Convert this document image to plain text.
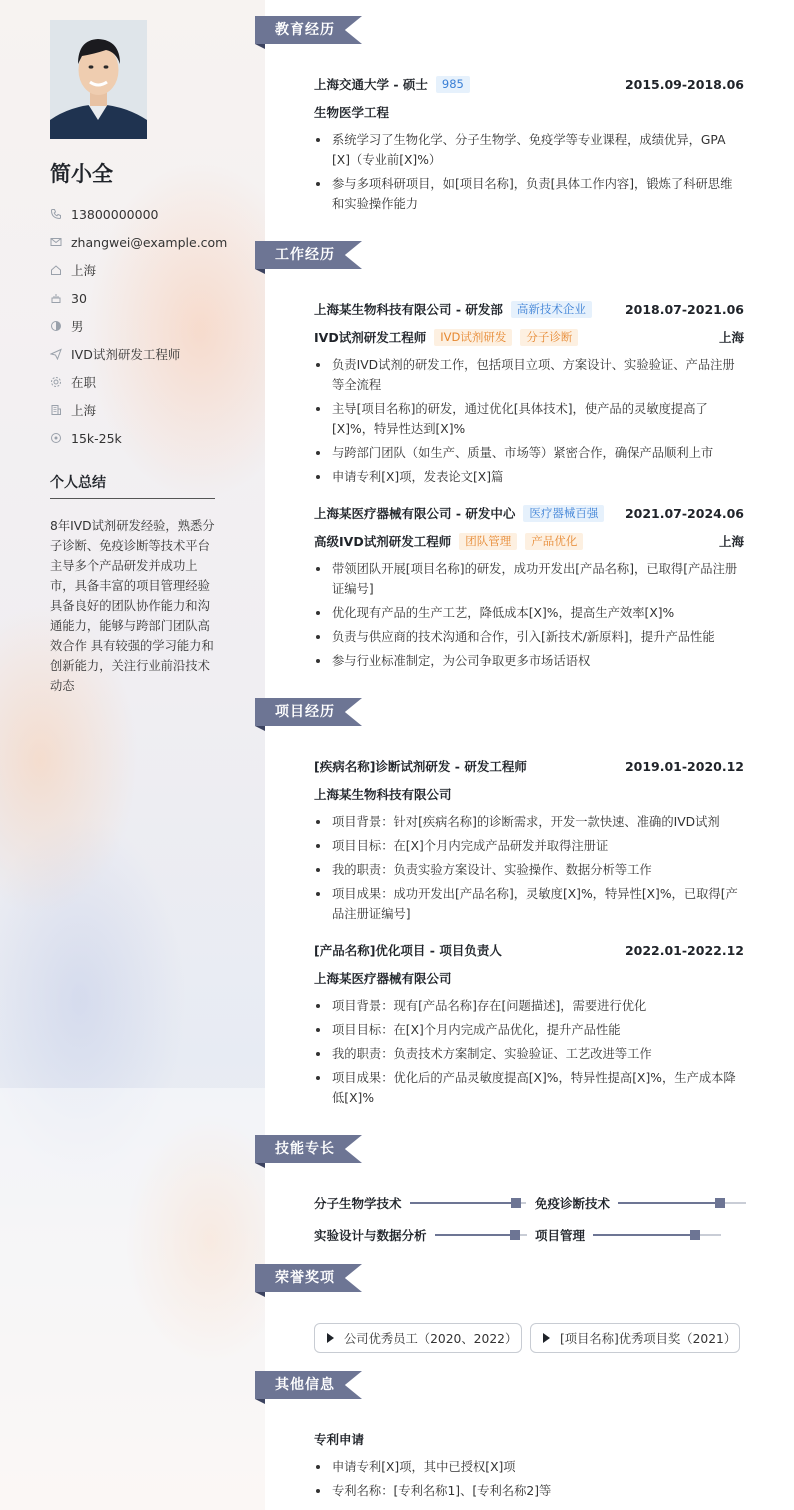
简小全
13800000000
zhangwei@example.com
上海
30
男
IVD试剂研发工程师
在职
上海
15k-25k
个人总结
8年IVD试剂研发经验，熟悉分子诊断、免疫诊断等技术平台 主导多个产品研发并成功上市，具备丰富的项目管理经验 具备良好的团队协作能力和沟通能力，能够与跨部门团队高效合作 具有较强的学习能力和创新能力，关注行业前沿技术动态
教育经历
上海交通大学 - 硕士	985	2015.09-2018.06
生物医学工程
系统学习了生物化学、分子生物学、免疫学等专业课程，成绩优异，GPA [X]（专业前[X]%）
参与多项科研项目，如[项目名称]，负责[具体工作内容]，锻炼了科研思维和实验操作能力
工作经历
上海某生物科技有限公司 - 研发部	高新技术企业	2018.07-2021.06
IVD试剂研发工程师	IVD试剂研发	分子诊断	上海
负责IVD试剂的研发工作，包括项目立项、方案设计、实验验证、产品注册等全流程
主导[项目名称]的研发，通过优化[具体技术]，使产品的灵敏度提高了[X]%，特异性达到[X]%
与跨部门团队（如生产、质量、市场等）紧密合作，确保产品顺利上市
申请专利[X]项，发表论文[X]篇
上海某医疗器械有限公司 - 研发中心	医疗器械百强	2021.07-2024.06
高级IVD试剂研发工程师	团队管理	产品优化	上海
带领团队开展[项目名称]的研发，成功开发出[产品名称]，已取得[产品注册证编号]
优化现有产品的生产工艺，降低成本[X]%，提高生产效率[X]%
负责与供应商的技术沟通和合作，引入[新技术/新原料]，提升产品性能
参与行业标准制定，为公司争取更多市场话语权
项目经历
[疾病名称]诊断试剂研发 - 研发工程师	2019.01-2020.12
上海某生物科技有限公司
项目背景：针对[疾病名称]的诊断需求，开发一款快速、准确的IVD试剂
项目目标：在[X]个月内完成产品研发并取得注册证
我的职责：负责实验方案设计、实验操作、数据分析等工作
项目成果：成功开发出[产品名称]，灵敏度[X]%，特异性[X]%，已取得[产品注册证编号]
[产品名称]优化项目 - 项目负责人	2022.01-2022.12
上海某医疗器械有限公司
项目背景：现有[产品名称]存在[问题描述]，需要进行优化
项目目标：在[X]个月内完成产品优化，提升产品性能
我的职责：负责技术方案制定、实验验证、工艺改进等工作
项目成果：优化后的产品灵敏度提高[X]%，特异性提高[X]%，生产成本降低[X]%
技能专长
分子生物学技术	免疫诊断技术
实验设计与数据分析	项目管理
荣誉奖项
公司优秀员工（2020、2022）	[项目名称]优秀项目奖（2021）
其他信息
专利申请
申请专利[X]项，其中已授权[X]项
专利名称：[专利名称1]、[专利名称2]等
